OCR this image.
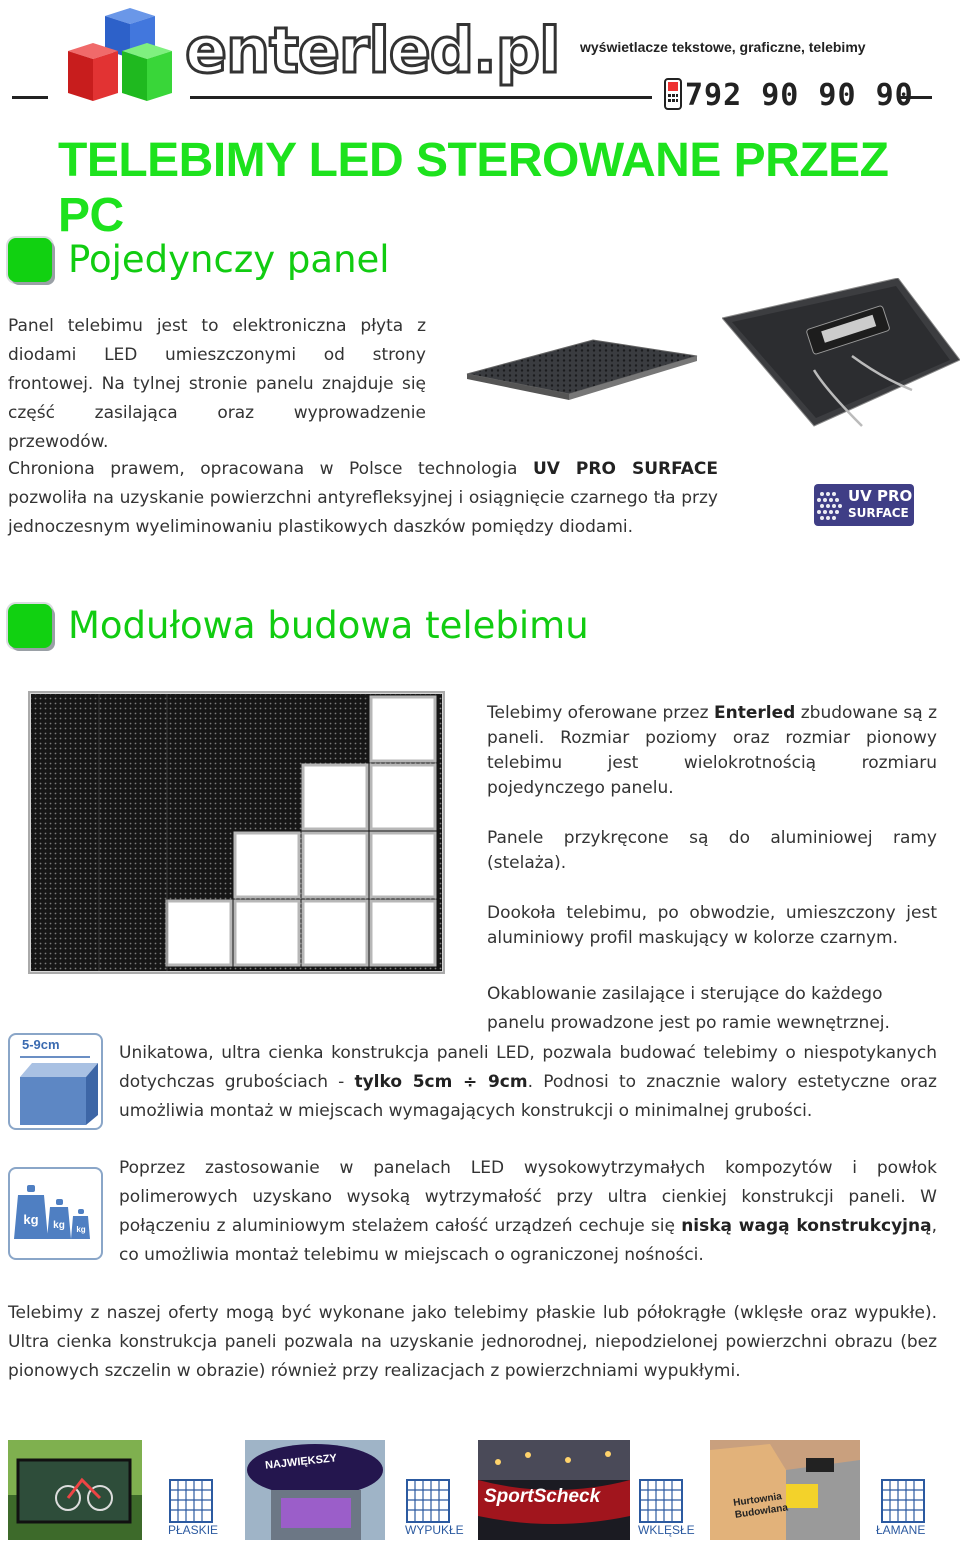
enterled.pl wyświetlacze tekstowe, graficzne, telebimy
792 90 90 90
TELEBIMY LED STEROWANE PRZEZ PC
Pojedynczy panel

Panel telebimu jest to elektroniczna płyta z diodami LED umieszczonymi od strony frontowej. Na tylnej stronie panelu znajduje się część zasilająca oraz wyprowadzenie przewodów.

Chroniona prawem, opracowana w Polsce technologia UV PRO SURFACE pozwoliła na uzyskanie powierzchni antyrefleksyjnej i osiągnięcie czarnego tła przy jednoczesnym wyeliminowaniu plastikowych daszków pomiędzy diodami.

UV PRO
SURFACE
Modułowa budowa telebimu

Telebimy oferowane przez Enterled zbudowane są z paneli. Rozmiar poziomy oraz rozmiar pionowy telebimu jest wielokrotnością rozmiaru pojedynczego panelu.

Panele przykręcone są do aluminiowej ramy (stelaża).

Dookoła telebimu, po obwodzie, umieszczony jest aluminiowy profil maskujący w kolorze czarnym.

Okablowanie zasilające i sterujące do każdego panelu prowadzone jest po ramie wewnętrznej.

5-9cm	Unikatowa, ultra cienka konstrukcja paneli LED, pozwala budować telebimy o niespotykanych dotychczas grubościach - tylko 5cm ÷ 9cm. Podnosi to znacznie walory estetyczne oraz umożliwia montaż w miejscach wymagających konstrukcji o minimalnej grubości.

kg kg kg

Poprzez zastosowanie w panelach LED wysokowytrzymałych kompozytów i powłok polimerowych uzyskano wysoką wytrzymałość przy ultra cienkiej konstrukcji paneli. W połączeniu z aluminiowym stelażem całość urządzeń cechuje się niską wagą konstrukcyjną, co umożliwia montaż telebimu w miejscach o ograniczonej nośności.

Telebimy z naszej oferty mogą być wykonane jako telebimy płaskie lub półokrągłe (wklęsłe oraz wypukłe). Ultra cienka konstrukcja paneli pozwala na uzyskanie jednorodnej, niepodzielonej powierzchni obrazu (bez pionowych szczelin w obrazie) również przy realizacjach z powierzchniami wypukłymi.

PŁASKIE
NAJWIĘKSZY
WYPUKŁE
SportScheck
WKLĘSŁE
Hurtownia Budowlana
ŁAMANE
